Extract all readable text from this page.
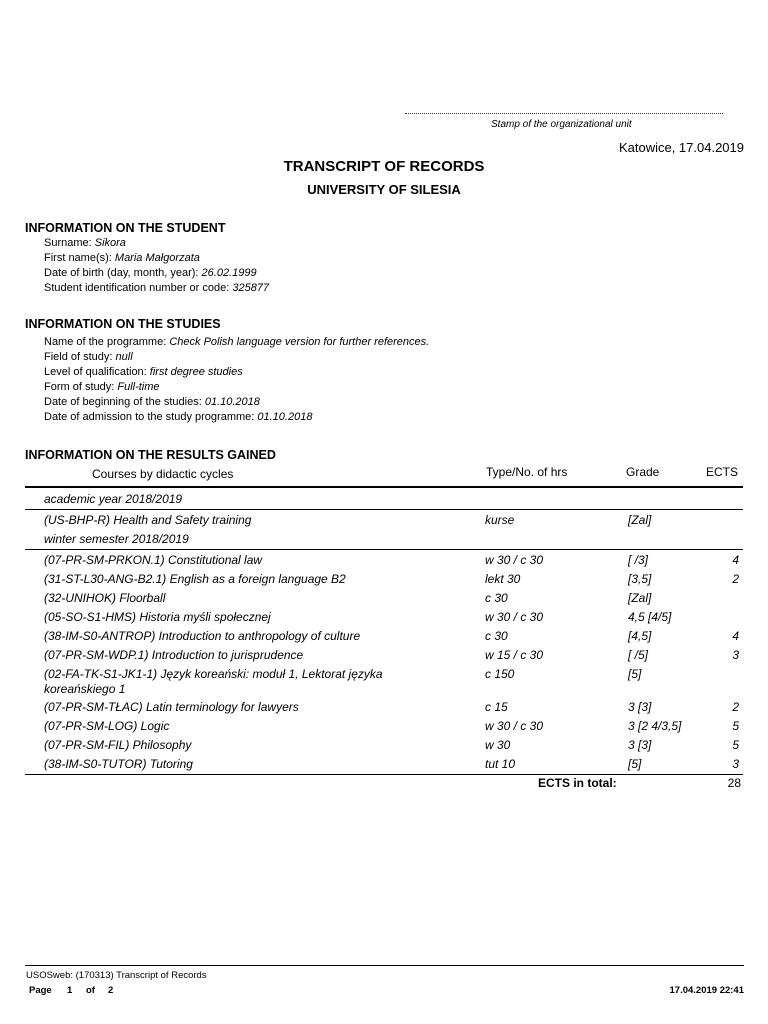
Stamp of the organizational unit
Katowice, 17.04.2019
TRANSCRIPT OF RECORDS
UNIVERSITY OF SILESIA
INFORMATION ON THE STUDENT
Surname: Sikora
First name(s): Maria Małgorzata
Date of birth (day, month, year): 26.02.1999
Student identification number or code: 325877
INFORMATION ON THE STUDIES
Name of the programme: Check Polish language version for further references.
Field of study: null
Level of qualification: first degree studies
Form of study: Full-time
Date of beginning of the studies: 01.10.2018
Date of admission to the study programme: 01.10.2018
INFORMATION ON THE RESULTS GAINED
Courses by didactic cycles	Type/No. of hrs	Grade	ECTS
academic year 2018/2019
(US-BHP-R) Health and Safety training	kurse	[Zal]
winter semester 2018/2019
(07-PR-SM-PRKON.1) Constitutional law	w 30 / c 30	[ /3]	4
(31-ST-L30-ANG-B2.1) English as a foreign language B2	lekt 30	[3,5]	2
(32-UNIHOK) Floorball	c 30	[Zal]
(05-SO-S1-HMS) Historia myśli społecznej	w 30 / c 30	4,5 [4/5]
(38-IM-S0-ANTROP) Introduction to anthropology of culture	c 30	[4,5]	4
(07-PR-SM-WDP.1) Introduction to jurisprudence	w 15 / c 30	[ /5]	3
(02-FA-TK-S1-JK1-1) Język koreański: moduł 1, Lektorat języka koreańskiego 1
c 150	[5]
(07-PR-SM-TŁAC) Latin terminology for lawyers	c 15	3 [3]	2
(07-PR-SM-LOG) Logic	w 30 / c 30	3 [2 4/3,5]	5
(07-PR-SM-FIL) Philosophy	w 30	3 [3]	5
(38-IM-S0-TUTOR) Tutoring	tut 10	[5]	3
ECTS in total:	28
USOSweb: (170313) Transcript of Records
Page 1 of 2	17.04.2019 22:41
